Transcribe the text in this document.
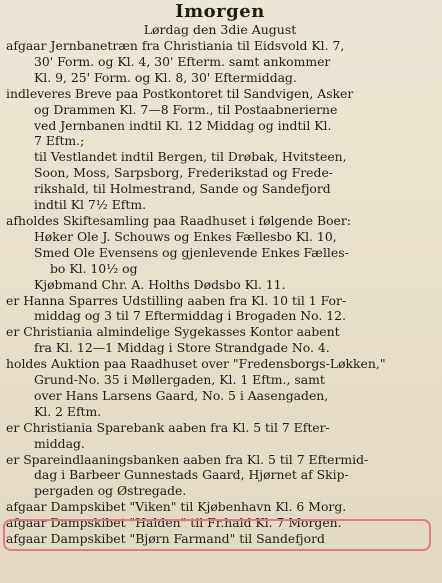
Imorgen

Lørdag den 3die August

afgaar Jernbanetræn fra Christiania til Eidsvold Kl. 7,
30' Form. og Kl. 4, 30' Efterm. samt ankommer
Kl. 9, 25' Form. og Kl. 8, 30' Eftermiddag.
indleveres Breve paa Postkontoret til Sandvigen, Asker
og Drammen Kl. 7—8 Form., til Postaabnerierne
ved Jernbanen indtil Kl. 12 Middag og indtil Kl.
7 Eftm.;
til Vestlandet indtil Bergen, til Drøbak, Hvitsteen,
Soon, Moss, Sarpsborg, Frederikstad og Frede-
rikshald, til Holmestrand, Sande og Sandefjord
indtil Kl 7½ Eftm.
afholdes Skiftesamling paa Raadhuset i følgende Boer:
Høker Ole J. Schouws og Enkes Fællesbo Kl. 10,
Smed Ole Evensens og gjenlevende Enkes Fælles-
bo Kl. 10½ og
Kjøbmand Chr. A. Holths Dødsbo Kl. 11.
er Hanna Sparres Udstilling aaben fra Kl. 10 til 1 For-
middag og 3 til 7 Eftermiddag i Brogaden No. 12.
er Christiania almindelige Sygekasses Kontor aabent
fra Kl. 12—1 Middag i Store Strandgade No. 4.
holdes Auktion paa Raadhuset over "Fredensborgs-Løkken,"
Grund-No. 35 i Møllergaden, Kl. 1 Eftm., samt
over Hans Larsens Gaard, No. 5 i Aasengaden,
Kl. 2 Eftm.
er Christiania Sparebank aaben fra Kl. 5 til 7 Efter-
middag.
er Spareindlaaningsbanken aaben fra Kl. 5 til 7 Eftermid-
dag i Barbeer Gunnestads Gaard, Hjørnet af Skip-
pergaden og Østregade.
afgaar Dampskibet "Viken" til Kjøbenhavn Kl. 6 Morg.
afgaar Dampskibet "Halden" til Fr.hald Kl. 7 Morgen.
afgaar Dampskibet "Bjørn Farmand" til Sandefjord
